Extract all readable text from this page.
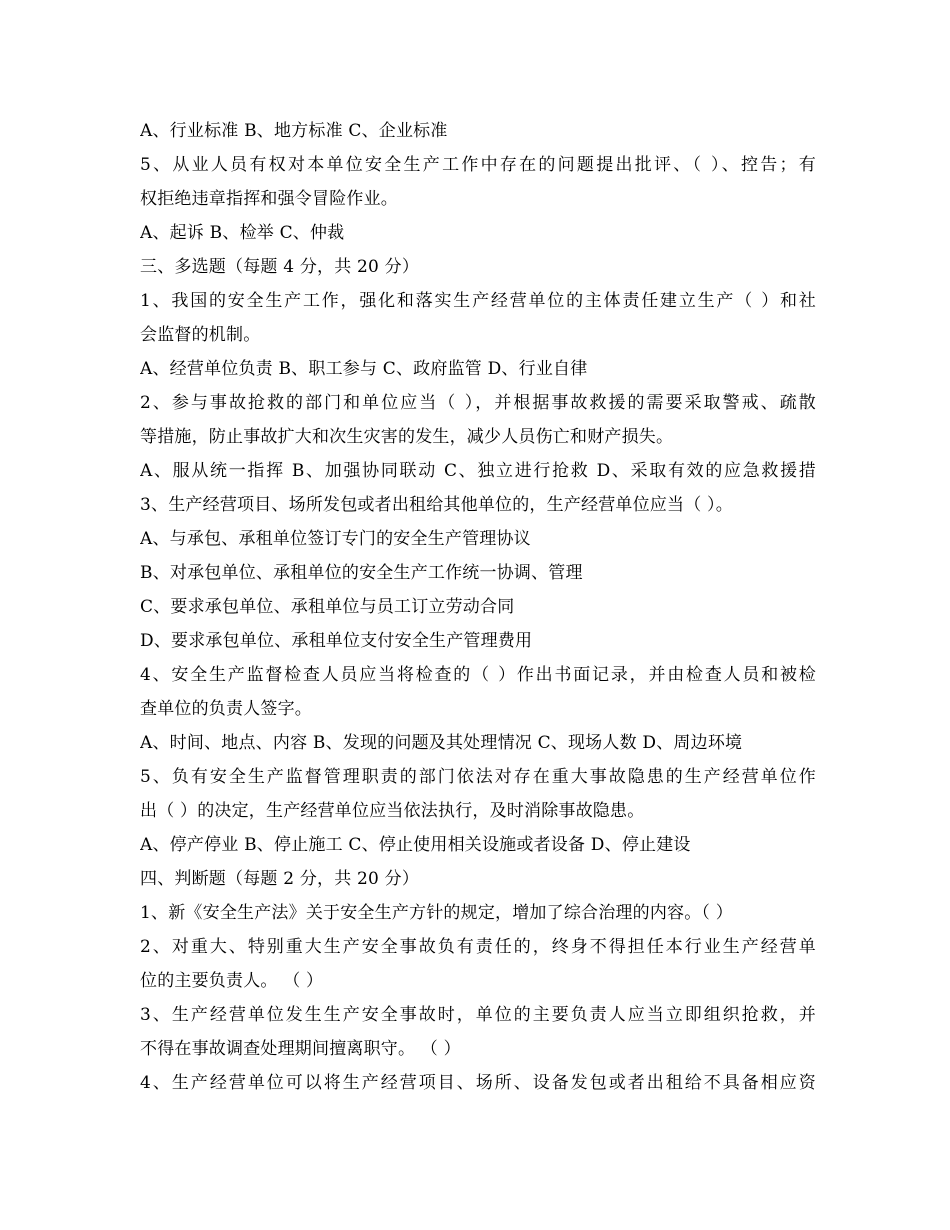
A、行业标准 B、地方标准 C、企业标准
5、从业人员有权对本单位安全生产工作中存在的问题提出批评、（ ）、控告；有
权拒绝违章指挥和强令冒险作业。
A、起诉 B、检举 C、仲裁
三、多选题（每题 4 分，共 20 分）
1、我国的安全生产工作，强化和落实生产经营单位的主体责任建立生产（ ）和社
会监督的机制。
A、经营单位负责 B、职工参与 C、政府监管 D、行业自律
2、参与事故抢救的部门和单位应当（ ），并根据事故救援的需要采取警戒、疏散
等措施，防止事故扩大和次生灾害的发生，减少人员伤亡和财产损失。
A、服从统一指挥 B、加强协同联动 C、独立进行抢救 D、采取有效的应急救援措
3、生产经营项目、场所发包或者出租给其他单位的，生产经营单位应当（ ）。
A、与承包、承租单位签订专门的安全生产管理协议
B、对承包单位、承租单位的安全生产工作统一协调、管理
C、要求承包单位、承租单位与员工订立劳动合同
D、要求承包单位、承租单位支付安全生产管理费用
4、安全生产监督检查人员应当将检查的（ ）作出书面记录，并由检查人员和被检
查单位的负责人签字。
A、时间、地点、内容 B、发现的问题及其处理情况 C、现场人数 D、周边环境
5、负有安全生产监督管理职责的部门依法对存在重大事故隐患的生产经营单位作
出（ ）的决定，生产经营单位应当依法执行，及时消除事故隐患。
A、停产停业 B、停止施工 C、停止使用相关设施或者设备 D、停止建设
四、判断题（每题 2 分，共 20 分）
1、新《安全生产法》关于安全生产方针的规定，增加了综合治理的内容。（ ）
2、对重大、特别重大生产安全事故负有责任的，终身不得担任本行业生产经营单
位的主要负责人。 （ ）
3、生产经营单位发生生产安全事故时，单位的主要负责人应当立即组织抢救，并
不得在事故调查处理期间擅离职守。 （ ）
4、生产经营单位可以将生产经营项目、场所、设备发包或者出租给不具备相应资
